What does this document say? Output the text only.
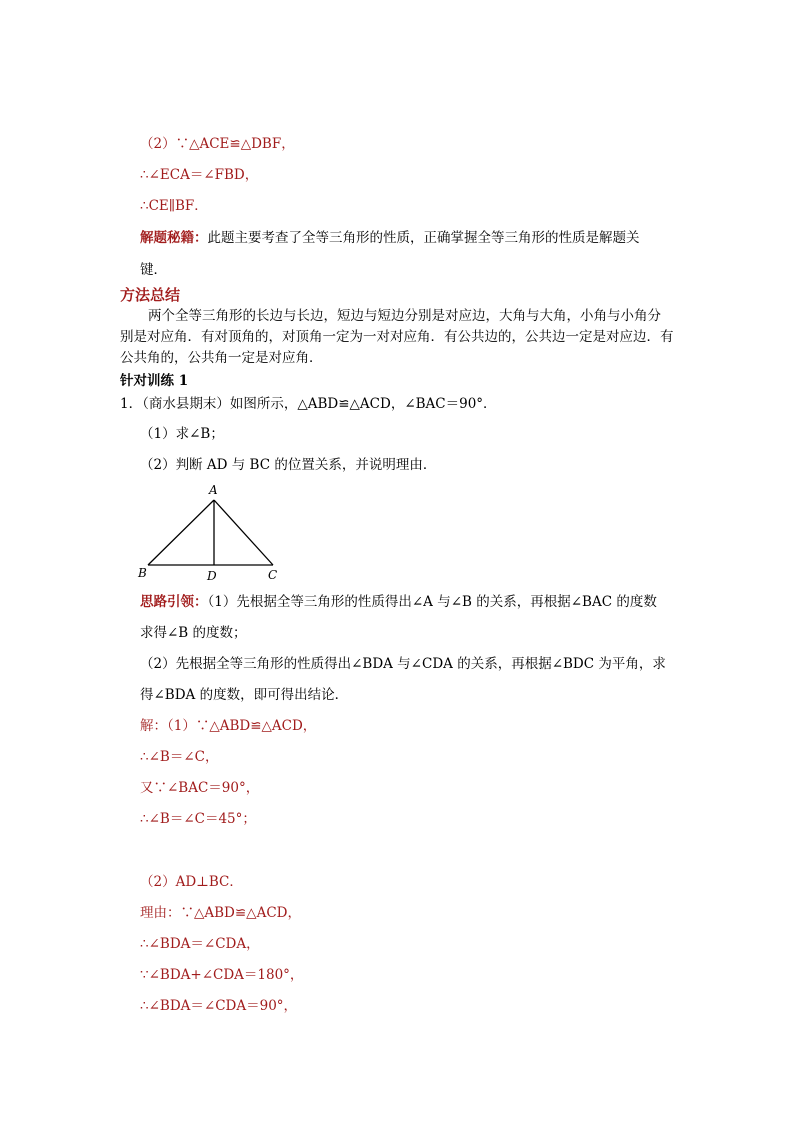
（2）∵△ACE≌△DBF，
∴∠ECA＝∠FBD，
∴CE∥BF．
解题秘籍：此题主要考查了全等三角形的性质，正确掌握全等三角形的性质是解题关
键．
方法总结
两个全等三角形的长边与长边，短边与短边分别是对应边，大角与大角，小角与小角分
别是对应角．有对顶角的，对顶角一定为一对对应角．有公共边的，公共边一定是对应边．有
公共角的，公共角一定是对应角．
针对训练 1
1．（商水县期末）如图所示，△ABD≌△ACD，∠BAC＝90°．
（1）求∠B；
（2）判断 AD 与 BC 的位置关系，并说明理由．
A
B	D	C
思路引领：（1）先根据全等三角形的性质得出∠A 与∠B 的关系，再根据∠BAC 的度数
求得∠B 的度数；
（2）先根据全等三角形的性质得出∠BDA 与∠CDA 的关系，再根据∠BDC 为平角，求
得∠BDA 的度数，即可得出结论．
解：（1）∵△ABD≌△ACD，
∴∠B＝∠C，
又∵∠BAC＝90°，
∴∠B＝∠C＝45°；
（2）AD⊥BC．
理由：∵△ABD≌△ACD，
∴∠BDA＝∠CDA，
∵∠BDA+∠CDA＝180°，
∴∠BDA＝∠CDA＝90°，
